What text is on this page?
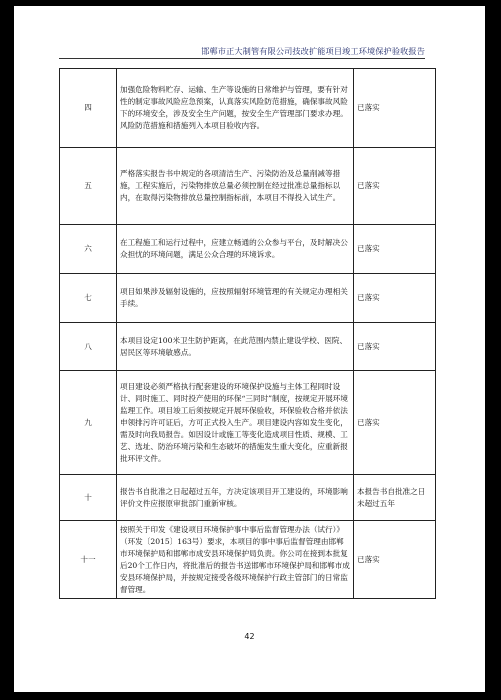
邯郸市正大制管有限公司技改扩能项目竣工环境保护验收报告
四	加强危险物料贮存、运输、生产等设施的日常维护与管理，要有针对性的制定事故风险应急预案，认真落实风险防范措施，确保事故风险下的环境安全，涉及安全生产问题，按安全生产管理部门要求办理。风险防范措施和措施列入本项目验收内容。	已落实
五	严格落实报告书中规定的各项清洁生产、污染防治及总量削减等措施，工程实施后，污染物排放总量必须控制在经过批准总量指标以内，在取得污染物排放总量控制指标前，本项目不得投入试生产。	已落实
六	在工程施工和运行过程中，应建立畅通的公众参与平台，及时解决公众担忧的环境问题，满足公众合理的环境诉求。	已落实
七	项目如果涉及辐射设施的，应按照辐射环境管理的有关规定办理相关手续。	已落实
八	本项目设定100米卫生防护距离，在此范围内禁止建设学校、医院、居民区等环境敏感点。	已落实
九	项目建设必须严格执行配套建设的环境保护设施与主体工程同时设计、同时施工、同时投产使用的环保“三同时”制度，按规定开展环境监理工作。项目竣工后须按规定开展环保验收，环保验收合格并依法申领排污许可证后，方可正式投入生产。项目建设内容如发生变化，需及时向我局报告。如因设计或施工等变化造成项目性质、规模、工艺、选址、防治环境污染和生态破坏的措施发生重大变化，应重新报批环评文件。	已落实
十	报告书自批准之日起超过五年，方决定该项目开工建设的，环境影响评价文件应报原审批部门重新审核。	本报告书自批准之日未超过五年
十一	按照关于印发《建设项目环境保护事中事后监督管理办法（试行）》（环发〔2015〕163号）要求，本项目的事中事后监督管理由邯郸市环境保护局和邯郸市成安县环境保护局负责。你公司在接到本批复后20个工作日内，将批准后的报告书送邯郸市环境保护局和邯郸市成安县环境保护局，并按规定接受各级环境保护行政主管部门的日常监督管理。	已落实
42
